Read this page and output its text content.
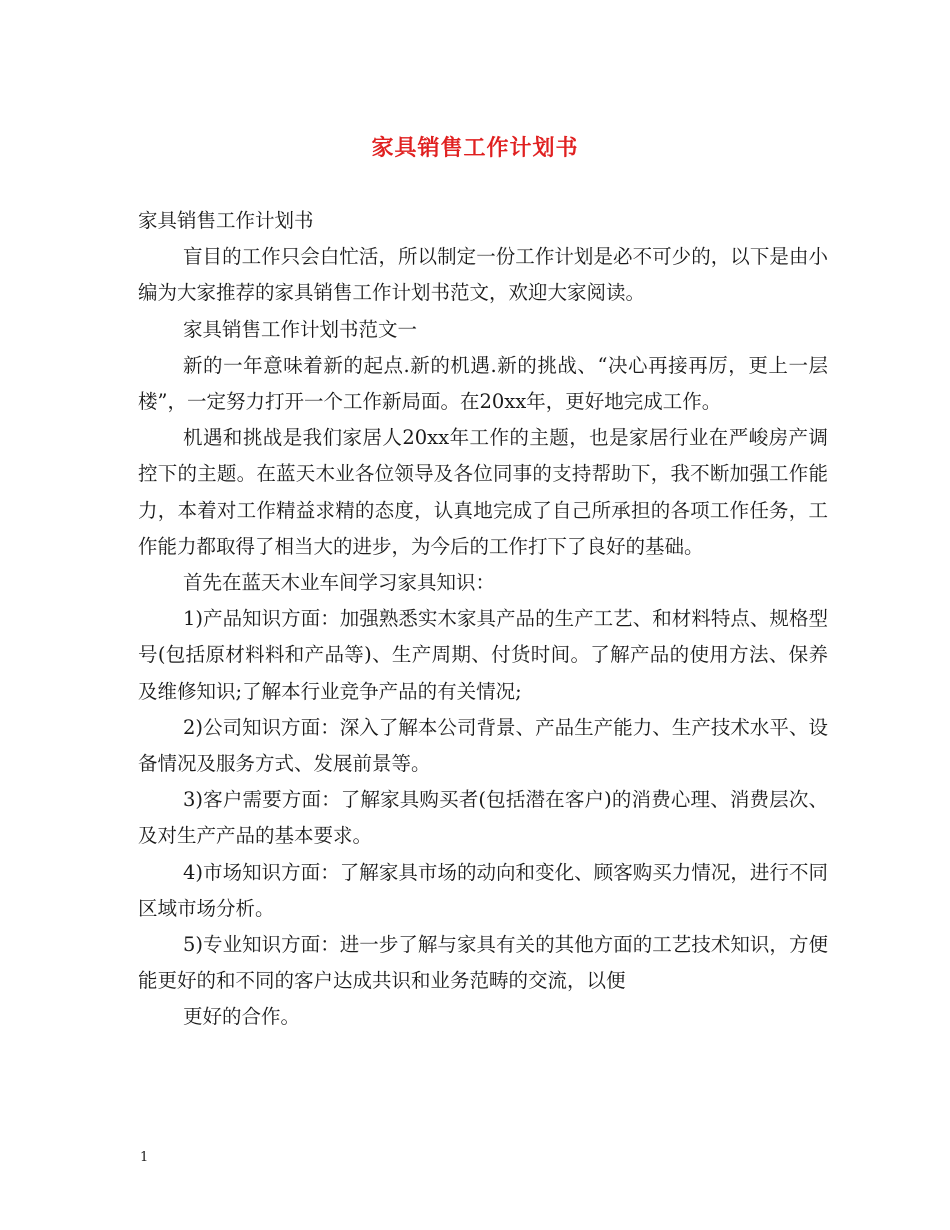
家具销售工作计划书

家具销售工作计划书

盲目的工作只会白忙活，所以制定一份工作计划是必不可少的，以下是由小编为大家推荐的家具销售工作计划书范文，欢迎大家阅读。

家具销售工作计划书范文一

新的一年意味着新的起点.新的机遇.新的挑战、“决心再接再厉，更上一层楼”，一定努力打开一个工作新局面。在20xx年，更好地完成工作。

机遇和挑战是我们家居人20xx年工作的主题，也是家居行业在严峻房产调控下的主题。在蓝天木业各位领导及各位同事的支持帮助下，我不断加强工作能力，本着对工作精益求精的态度，认真地完成了自己所承担的各项工作任务，工作能力都取得了相当大的进步，为今后的工作打下了良好的基础。

首先在蓝天木业车间学习家具知识：

1)产品知识方面：加强熟悉实木家具产品的生产工艺、和材料特点、规格型号(包括原材料料和产品等)、生产周期、付货时间。了解产品的使用方法、保养及维修知识;了解本行业竞争产品的有关情况;

2)公司知识方面：深入了解本公司背景、产品生产能力、生产技术水平、设备情况及服务方式、发展前景等。

3)客户需要方面：了解家具购买者(包括潜在客户)的消费心理、消费层次、及对生产产品的基本要求。

4)市场知识方面：了解家具市场的动向和变化、顾客购买力情况，进行不同区域市场分析。

5)专业知识方面：进一步了解与家具有关的其他方面的工艺技术知识，方便能更好的和不同的客户达成共识和业务范畴的交流，以便

更好的合作。

1
